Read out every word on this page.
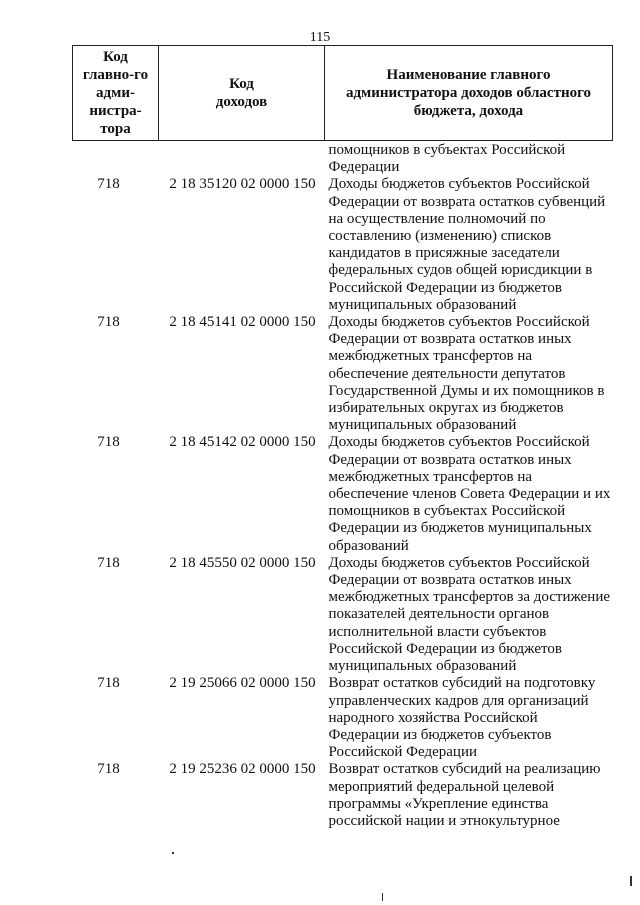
115
Код главно-го адми-нистра-тора	Код доходов	Наименование главного администратора доходов областного бюджета, дохода
		помощников в субъектах Российской Федерации
718	2 18 35120 02 0000 150	Доходы бюджетов субъектов Российской Федерации от возврата остатков субвенций на осуществление полномочий по составлению (изменению) списков кандидатов в присяжные заседатели федеральных судов общей юрисдикции в Российской Федерации из бюджетов муниципальных образований
718	2 18 45141 02 0000 150	Доходы бюджетов субъектов Российской Федерации от возврата остатков иных межбюджетных трансфертов на обеспечение деятельности депутатов Государственной Думы и их помощников в избирательных округах из бюджетов муниципальных образований
718	2 18 45142 02 0000 150	Доходы бюджетов субъектов Российской Федерации от возврата остатков иных межбюджетных трансфертов на обеспечение членов Совета Федерации и их помощников в субъектах Российской Федерации из бюджетов муниципальных образований
718	2 18 45550 02 0000 150	Доходы бюджетов субъектов Российской Федерации от возврата остатков иных межбюджетных трансфертов за достижение показателей деятельности органов исполнительной власти субъектов Российской Федерации из бюджетов муниципальных образований
718	2 19 25066 02 0000 150	Возврат остатков субсидий на подготовку управленческих кадров для организаций народного хозяйства Российской Федерации из бюджетов субъектов Российской Федерации
718	2 19 25236 02 0000 150	Возврат остатков субсидий на реализацию мероприятий федеральной целевой программы «Укрепление единства российской нации и этнокультурное
